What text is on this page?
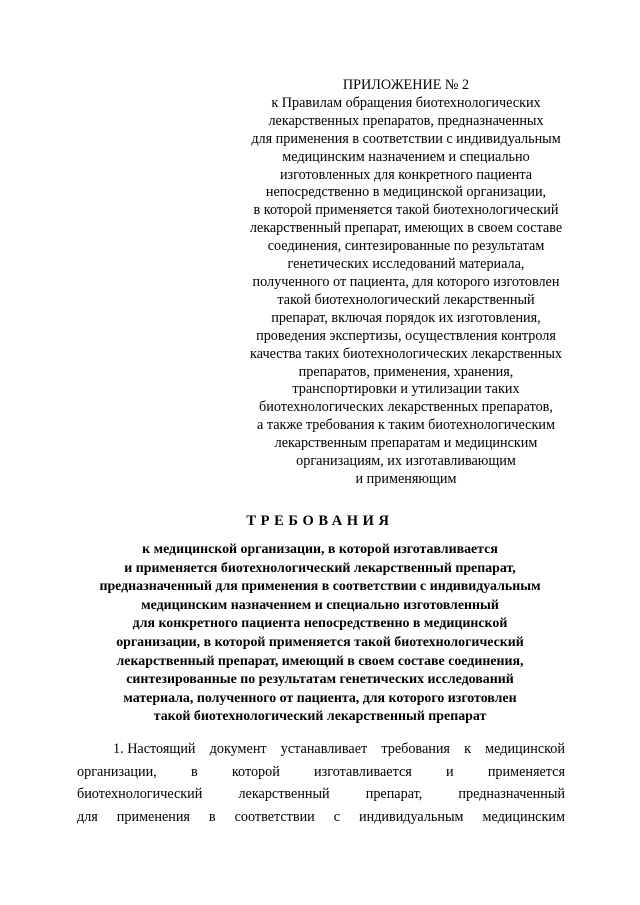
ПРИЛОЖЕНИЕ № 2
к Правилам обращения биотехнологических
лекарственных препаратов, предназначенных
для применения в соответствии с индивидуальным
медицинским назначением и специально
изготовленных для конкретного пациента
непосредственно в медицинской организации,
в которой применяется такой биотехнологический
лекарственный препарат, имеющих в своем составе
соединения, синтезированные по результатам
генетических исследований материала,
полученного от пациента, для которого изготовлен
такой биотехнологический лекарственный
препарат, включая порядок их изготовления,
проведения экспертизы, осуществления контроля
качества таких биотехнологических лекарственных
препаратов, применения, хранения,
транспортировки и утилизации таких
биотехнологических лекарственных препаратов,
а также требования к таким биотехнологическим
лекарственным препаратам и медицинским
организациям, их изготавливающим
и применяющим
ТРЕБОВАНИЯ
к медицинской организации, в которой изготавливается
и применяется биотехнологический лекарственный препарат,
предназначенный для применения в соответствии с индивидуальным
медицинским назначением и специально изготовленный
для конкретного пациента непосредственно в медицинской
организации, в которой применяется такой биотехнологический
лекарственный препарат, имеющий в своем составе соединения,
синтезированные по результатам генетических исследований
материала, полученного от пациента, для которого изготовлен
такой биотехнологический лекарственный препарат
1. Настоящий документ устанавливает требования к медицинской
организации, в которой изготавливается и применяется
биотехнологический	лекарственный	препарат,	предназначенный
для применения в соответствии с индивидуальным медицинским
